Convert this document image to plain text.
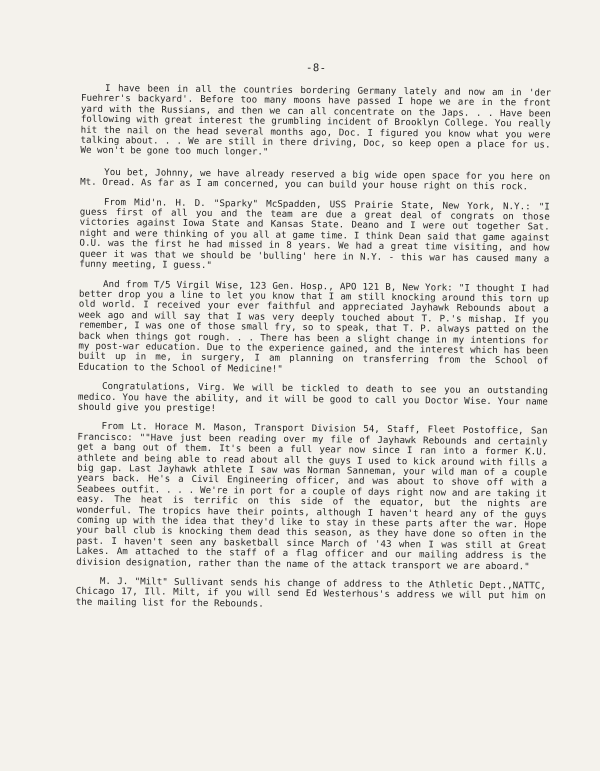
-8-

I have been in all the countries bordering Germany lately and now am in 'der Fuehrer's backyard'. Before too many moons have passed I hope we are in the front yard with the Russians, and then we can all concentrate on the Japs. . . Have been following with great interest the grumbling incident of Brooklyn College. You really hit the nail on the head several months ago, Doc. I figured you know what you were talking about. . . We are still in there driving, Doc, so keep open a place for us. We won't be gone too much longer."

You bet, Johnny, we have already reserved a big wide open space for you here on Mt. Oread. As far as I am concerned, you can build your house right on this rock.

From Mid'n. H. D. "Sparky" McSpadden, USS Prairie State, New York, N.Y.: "I guess first of all you and the team are due a great deal of congrats on those victories against Iowa State and Kansas State. Deano and I were out together Sat. night and were thinking of you all at game time. I think Dean said that game against O.U. was the first he had missed in 8 years. We had a great time visiting, and how queer it was that we should be 'bulling' here in N.Y. - this war has caused many a funny meeting, I guess."

And from T/5 Virgil Wise, 123 Gen. Hosp., APO 121 B, New York: "I thought I had better drop you a line to let you know that I am still knocking around this torn up old world. I received your ever faithful and appreciated Jayhawk Rebounds about a week ago and will say that I was very deeply touched about T. P.'s mishap. If you remember, I was one of those small fry, so to speak, that T. P. always patted on the back when things got rough. . . There has been a slight change in my intentions for my post-war education. Due to the experience gained, and the interest which has been built up in me, in surgery, I am planning on transferring from the School of Education to the School of Medicine!"

Congratulations, Virg. We will be tickled to death to see you an outstanding medico. You have the ability, and it will be good to call you Doctor Wise. Your name should give you prestige!

From Lt. Horace M. Mason, Transport Division 54, Staff, Fleet Postoffice, San Francisco: ""Have just been reading over my file of Jayhawk Rebounds and certainly get a bang out of them. It's been a full year now since I ran into a former K.U. athlete and being able to read about all the guys I used to kick around with fills a big gap. Last Jayhawk athlete I saw was Norman Sanneman, your wild man of a couple years back. He's a Civil Engineering officer, and was about to shove off with a Seabees outfit. . . . We're in port for a couple of days right now and are taking it easy. The heat is terrific on this side of the equator, but the nights are wonderful. The tropics have their points, although I haven't heard any of the guys coming up with the idea that they'd like to stay in these parts after the war. Hope your ball club is knocking them dead this season, as they have done so often in the past. I haven't seen any basketball since March of '43 when I was still at Great Lakes. Am attached to the staff of a flag officer and our mailing address is the division designation, rather than the name of the attack transport we are aboard."

M. J. "Milt" Sullivant sends his change of address to the Athletic Dept.,NATTC, Chicago 17, Ill. Milt, if you will send Ed Westerhous's address we will put him on the mailing list for the Rebounds.
